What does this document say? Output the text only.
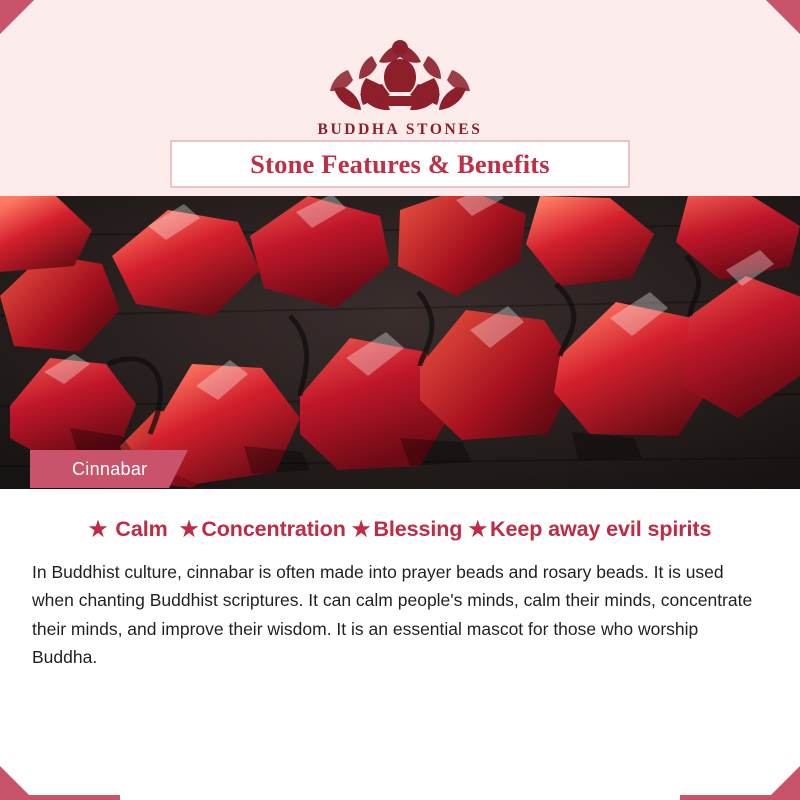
BUDDHA STONES
Stone Features & Benefits
Cinnabar
★ Calm ★ Concentration ★ Blessing ★ Keep away evil spirits

In Buddhist culture, cinnabar is often made into prayer beads and rosary beads. It is used when chanting Buddhist scriptures. It can calm people's minds, calm their minds, concentrate their minds, and improve their wisdom. It is an essential mascot for those who worship Buddha.
